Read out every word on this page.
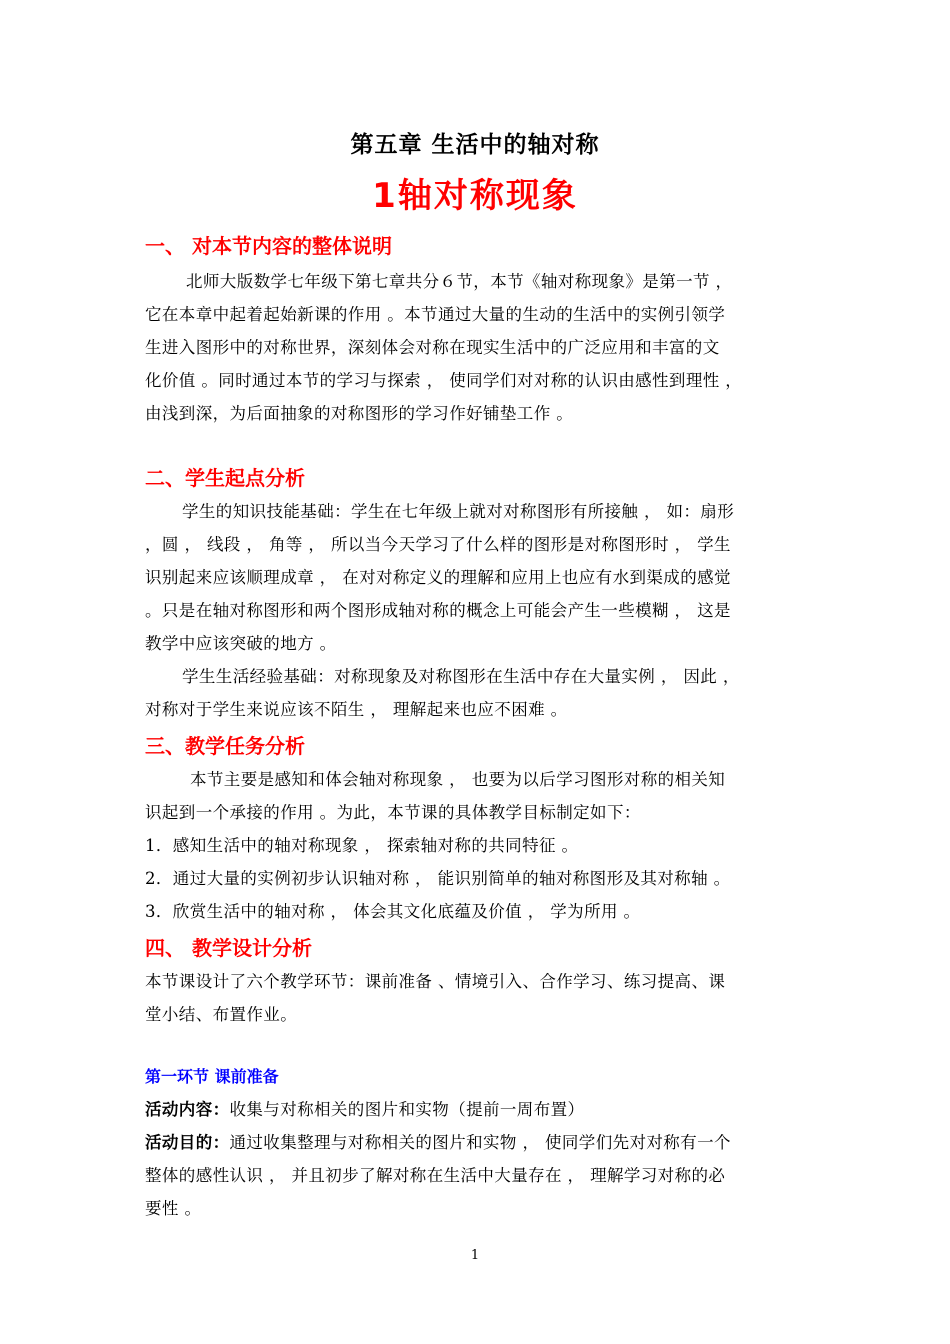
第五章 生活中的轴对称
1轴对称现象
一、 对本节内容的整体说明
北师大版数学七年级下第七章共分６节，本节《轴对称现象》是第一节 ，
它在本章中起着起始新课的作用 。本节通过大量的生动的生活中的实例引领学
生进入图形中的对称世界，深刻体会对称在现实生活中的广泛应用和丰富的文
化价值 。同时通过本节的学习与探索 ， 使同学们对对称的认识由感性到理性 ，
由浅到深，为后面抽象的对称图形的学习作好铺垫工作 。
二、学生起点分析
学生的知识技能基础：学生在七年级上就对对称图形有所接触 ， 如：扇形
，圆 ， 线段 ， 角等 ， 所以当今天学习了什么样的图形是对称图形时 ， 学生
识别起来应该顺理成章 ， 在对对称定义的理解和应用上也应有水到渠成的感觉
。只是在轴对称图形和两个图形成轴对称的概念上可能会产生一些模糊 ， 这是
教学中应该突破的地方 。
学生生活经验基础：对称现象及对称图形在生活中存在大量实例 ， 因此 ，
对称对于学生来说应该不陌生 ， 理解起来也应不困难 。
三、教学任务分析
本节主要是感知和体会轴对称现象 ， 也要为以后学习图形对称的相关知
识起到一个承接的作用 。为此，本节课的具体教学目标制定如下：
1．感知生活中的轴对称现象 ， 探索轴对称的共同特征 。
2．通过大量的实例初步认识轴对称 ， 能识别简单的轴对称图形及其对称轴 。
3．欣赏生活中的轴对称 ， 体会其文化底蕴及价值 ， 学为所用 。
四、 教学设计分析
本节课设计了六个教学环节：课前准备 、情境引入、合作学习、练习提高、课
堂小结、布置作业。
第一环节 课前准备
活动内容：收集与对称相关的图片和实物（提前一周布置）
活动目的：通过收集整理与对称相关的图片和实物 ， 使同学们先对对称有一个
整体的感性认识 ， 并且初步了解对称在生活中大量存在 ， 理解学习对称的必
要性 。
1
